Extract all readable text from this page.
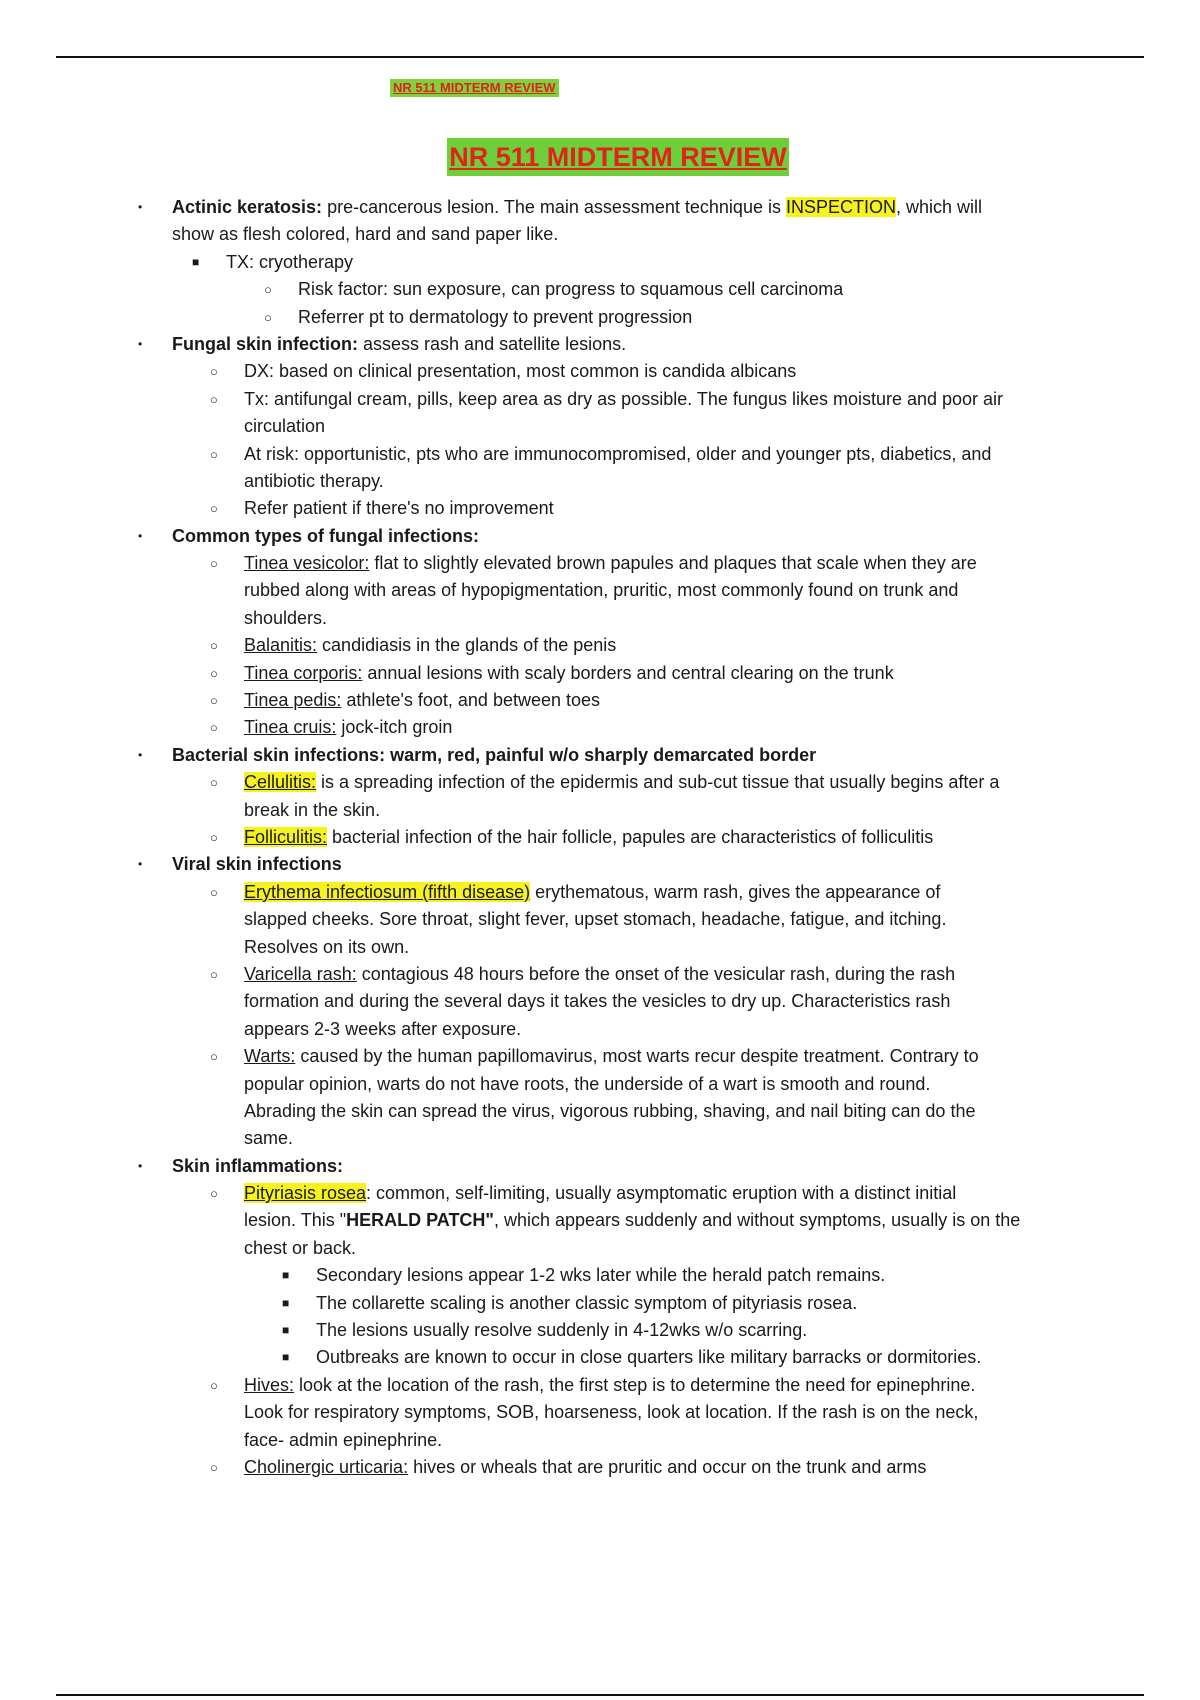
NR 511 MIDTERM REVIEW
NR 511 MIDTERM REVIEW
• Actinic keratosis: pre-cancerous lesion. The main assessment technique is INSPECTION, which will
show as flesh colored, hard and sand paper like.
■ TX: cryotherapy
○ Risk factor: sun exposure, can progress to squamous cell carcinoma
○ Referrer pt to dermatology to prevent progression
• Fungal skin infection: assess rash and satellite lesions.
○ DX: based on clinical presentation, most common is candida albicans
○ Tx: antifungal cream, pills, keep area as dry as possible. The fungus likes moisture and poor air
circulation
○ At risk: opportunistic, pts who are immunocompromised, older and younger pts, diabetics, and
antibiotic therapy.
○ Refer patient if there's no improvement
• Common types of fungal infections:
○ Tinea vesicolor: flat to slightly elevated brown papules and plaques that scale when they are
rubbed along with areas of hypopigmentation, pruritic, most commonly found on trunk and
shoulders.
○ Balanitis: candidiasis in the glands of the penis
○ Tinea corporis: annual lesions with scaly borders and central clearing on the trunk
○ Tinea pedis: athlete's foot, and between toes
○ Tinea cruis: jock-itch groin
• Bacterial skin infections: warm, red, painful w/o sharply demarcated border
○ Cellulitis: is a spreading infection of the epidermis and sub-cut tissue that usually begins after a
break in the skin.
○ Folliculitis: bacterial infection of the hair follicle, papules are characteristics of folliculitis
• Viral skin infections
○ Erythema infectiosum (fifth disease) erythematous, warm rash, gives the appearance of
slapped cheeks. Sore throat, slight fever, upset stomach, headache, fatigue, and itching.
Resolves on its own.
○ Varicella rash: contagious 48 hours before the onset of the vesicular rash, during the rash
formation and during the several days it takes the vesicles to dry up. Characteristics rash
appears 2-3 weeks after exposure.
○ Warts: caused by the human papillomavirus, most warts recur despite treatment. Contrary to
popular opinion, warts do not have roots, the underside of a wart is smooth and round.
Abrading the skin can spread the virus, vigorous rubbing, shaving, and nail biting can do the
same.
• Skin inflammations:
○ Pityriasis rosea: common, self-limiting, usually asymptomatic eruption with a distinct initial
lesion. This "HERALD PATCH", which appears suddenly and without symptoms, usually is on the
chest or back.
■ Secondary lesions appear 1-2 wks later while the herald patch remains.
■ The collarette scaling is another classic symptom of pityriasis rosea.
■ The lesions usually resolve suddenly in 4-12wks w/o scarring.
■ Outbreaks are known to occur in close quarters like military barracks or dormitories.
○ Hives: look at the location of the rash, the first step is to determine the need for epinephrine.
Look for respiratory symptoms, SOB, hoarseness, look at location. If the rash is on the neck,
face- admin epinephrine.
○ Cholinergic urticaria: hives or wheals that are pruritic and occur on the trunk and arms
